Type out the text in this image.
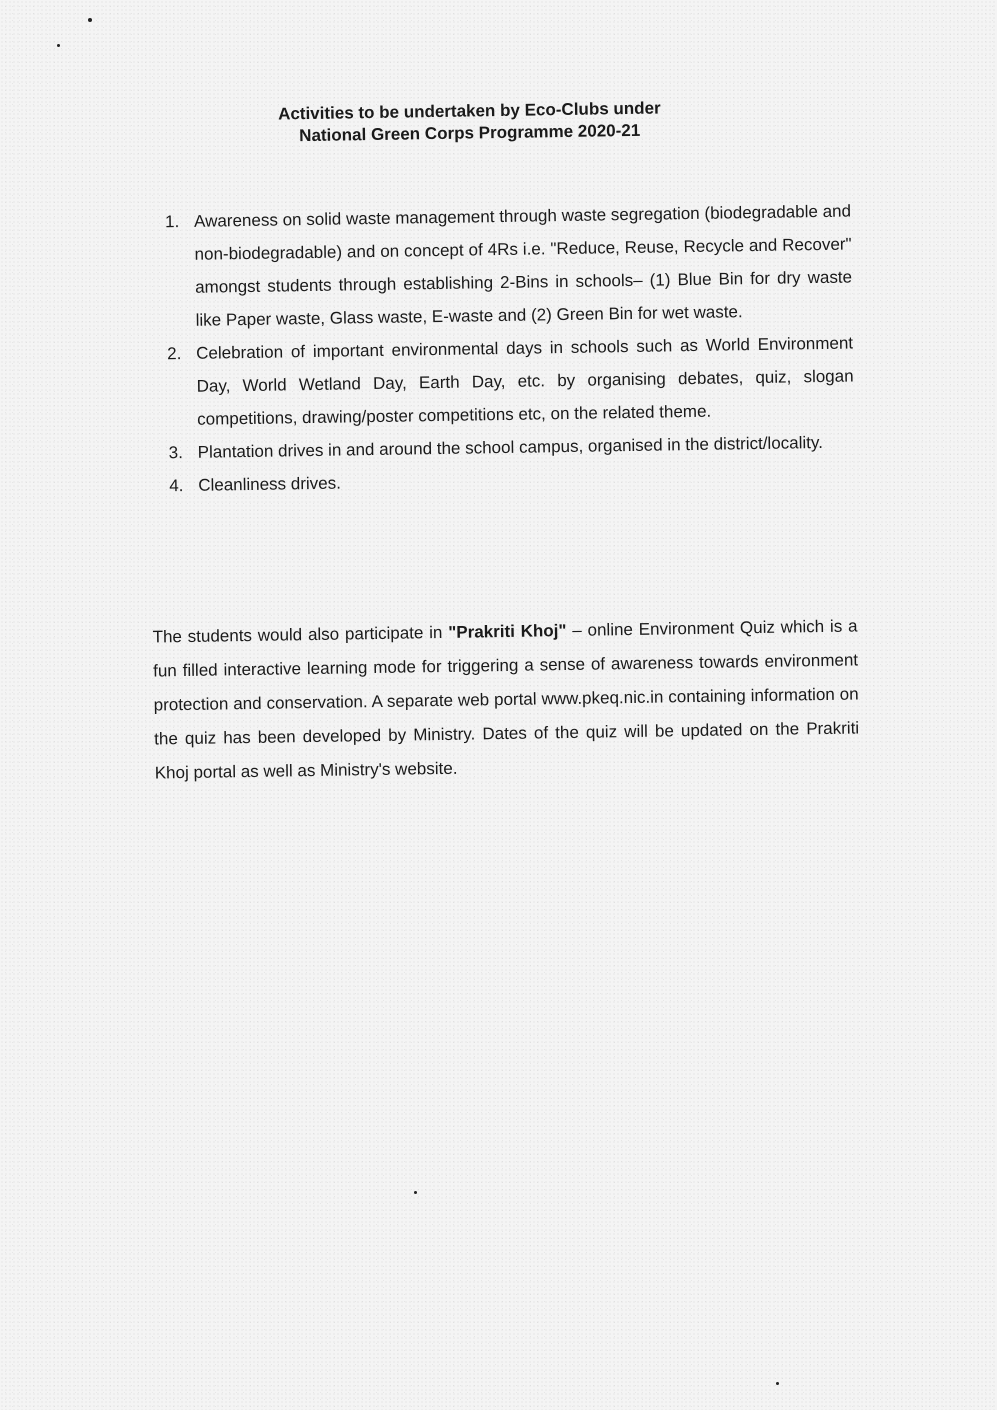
Activities to be undertaken by Eco-Clubs under
National Green Corps Programme 2020-21
1. Awareness on solid waste management through waste segregation (biodegradable and non-biodegradable) and on concept of 4Rs i.e. "Reduce, Reuse, Recycle and Recover" amongst students through establishing 2-Bins in schools– (1) Blue Bin for dry waste like Paper waste, Glass waste, E-waste and (2) Green Bin for wet waste.
2. Celebration of important environmental days in schools such as World Environment Day, World Wetland Day, Earth Day, etc. by organising debates, quiz, slogan competitions, drawing/poster competitions etc, on the related theme.
3. Plantation drives in and around the school campus, organised in the district/locality.
4. Cleanliness drives.

The students would also participate in "Prakriti Khoj" – online Environment Quiz which is a fun filled interactive learning mode for triggering a sense of awareness towards environment protection and conservation. A separate web portal www.pkeq.nic.in containing information on the quiz has been developed by Ministry. Dates of the quiz will be updated on the Prakriti Khoj portal as well as Ministry's website.
